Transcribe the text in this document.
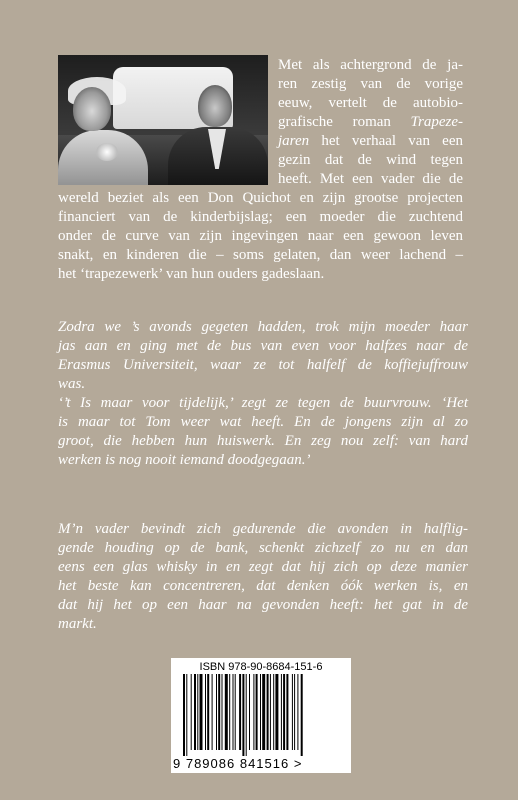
Met als achtergrond de ja-
ren zestig van de vorige
eeuw, vertelt de autobio-
grafische roman Trapeze-
jaren het verhaal van een
gezin dat de wind tegen
heeft. Met een vader die de
wereld beziet als een Don Quichot en zijn grootse projecten
financiert van de kinderbijslag; een moeder die zuchtend
onder de curve van zijn ingevingen naar een gewoon leven
snakt, en kinderen die – soms gelaten, dan weer lachend –
het ‘trapezewerk’ van hun ouders gadeslaan.
Zodra we ’s avonds gegeten hadden, trok mijn moeder haar
jas aan en ging met de bus van even voor halfzes naar de
Erasmus Universiteit, waar ze tot halfelf de koffiejuffrouw
was.
‘’t Is maar voor tijdelijk,’ zegt ze tegen de buurvrouw. ‘Het
is maar tot Tom weer wat heeft. En de jongens zijn al zo
groot, die hebben hun huiswerk. En zeg nou zelf: van hard
werken is nog nooit iemand doodgegaan.’
M’n vader bevindt zich gedurende die avonden in halflig-
gende houding op de bank, schenkt zichzelf zo nu en dan
eens een glas whisky in en zegt dat hij zich op deze manier
het beste kan concentreren, dat denken óók werken is, en
dat hij het op een haar na gevonden heeft: het gat in de
markt.
ISBN 978-90-8684-151-6
9 789086 841516 >
